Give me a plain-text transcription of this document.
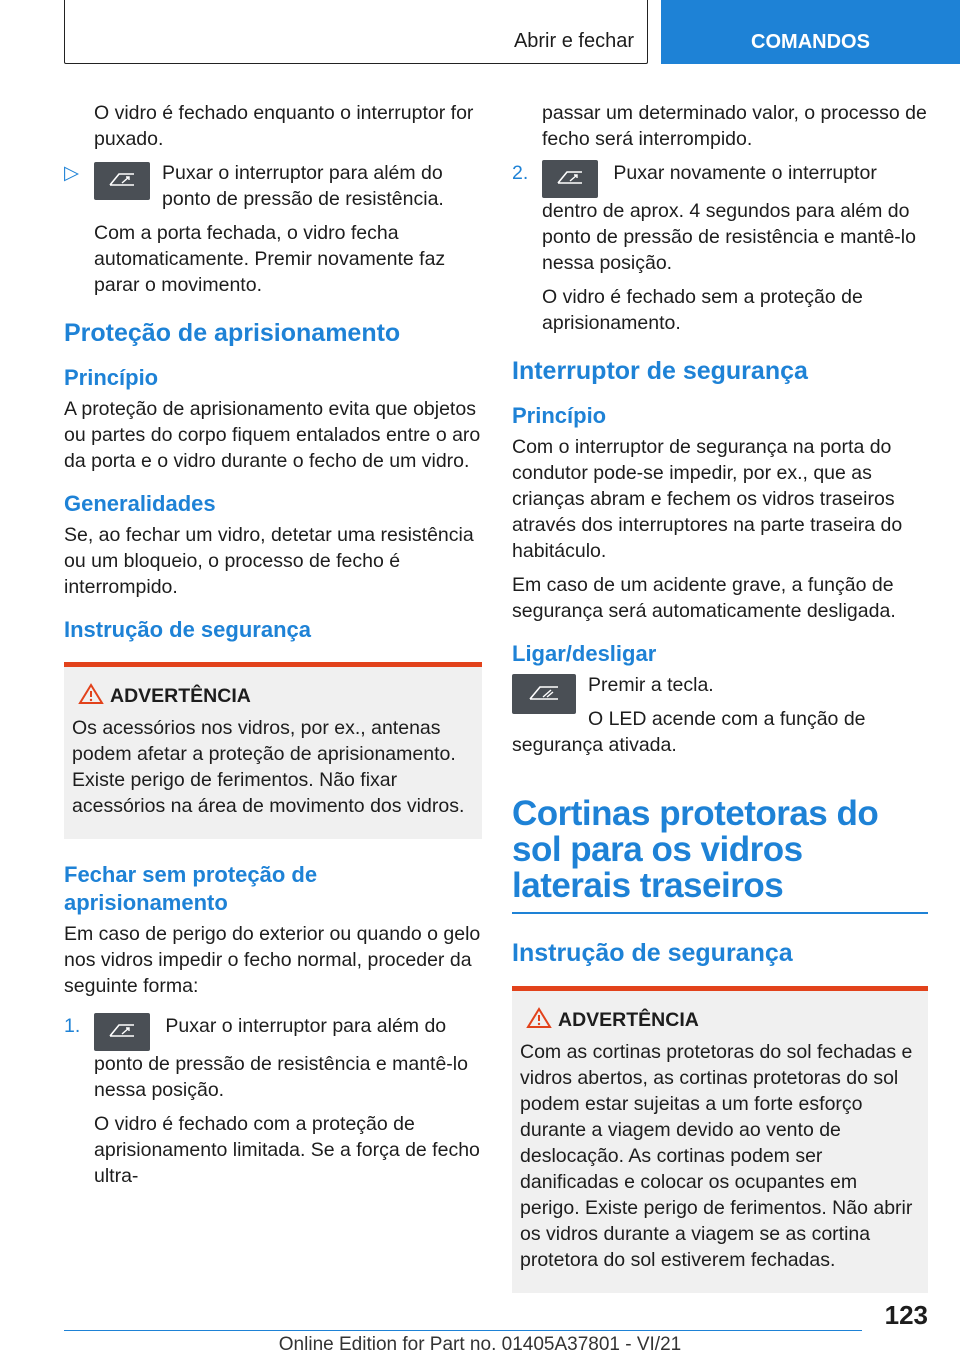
Abrir e fechar	COMANDOS

O vidro é fechado enquanto o interruptor for puxado.

▷	Puxar o interruptor para além do ponto de pressão de resistência.

Com a porta fechada, o vidro fecha automaticamente. Premir novamente faz parar o movimento.

Proteção de aprisionamento
Princípio

A proteção de aprisionamento evita que objetos ou partes do corpo fiquem entalados entre o aro da porta e o vidro durante o fecho de um vidro.

Generalidades

Se, ao fechar um vidro, detetar uma resistência ou um bloqueio, o processo de fecho é interrompido.

Instrução de segurança
ADVERTÊNCIA

Os acessórios nos vidros, por ex., antenas podem afetar a proteção de aprisionamento. Existe perigo de ferimentos. Não fixar acessórios na área de movimento dos vidros.

Fechar sem proteção de aprisionamento

Em caso de perigo do exterior ou quando o gelo nos vidros impedir o fecho normal, proceder da seguinte forma:

1.	Puxar o interruptor para além do ponto de pressão de resistência e mantê-lo nessa posição.

O vidro é fechado com a proteção de aprisionamento limitada. Se a força de fecho ultra-

passar um determinado valor, o processo de fecho será interrompido.

2.	Puxar novamente o interruptor dentro de aprox. 4 segundos para além do ponto de pressão de resistência e mantê-lo nessa posição.

O vidro é fechado sem a proteção de aprisionamento.

Interruptor de segurança
Princípio

Com o interruptor de segurança na porta do condutor pode-se impedir, por ex., que as crianças abram e fechem os vidros traseiros através dos interruptores na parte traseira do habitáculo.

Em caso de um acidente grave, a função de segurança será automaticamente desligada.

Ligar/desligar

Premir a tecla.

O LED acende com a função de segurança ativada.

Cortinas protetoras do sol para os vidros laterais traseiros
Instrução de segurança
ADVERTÊNCIA

Com as cortinas protetoras do sol fechadas e vidros abertos, as cortinas protetoras do sol podem estar sujeitas a um forte esforço durante a viagem devido ao vento de deslocação. As cortinas podem ser danificadas e colocar os ocupantes em perigo. Existe perigo de ferimentos. Não abrir os vidros durante a viagem se as cortina protetora do sol estiverem fechadas.

123
Online Edition for Part no. 01405A37801 - VI/21
